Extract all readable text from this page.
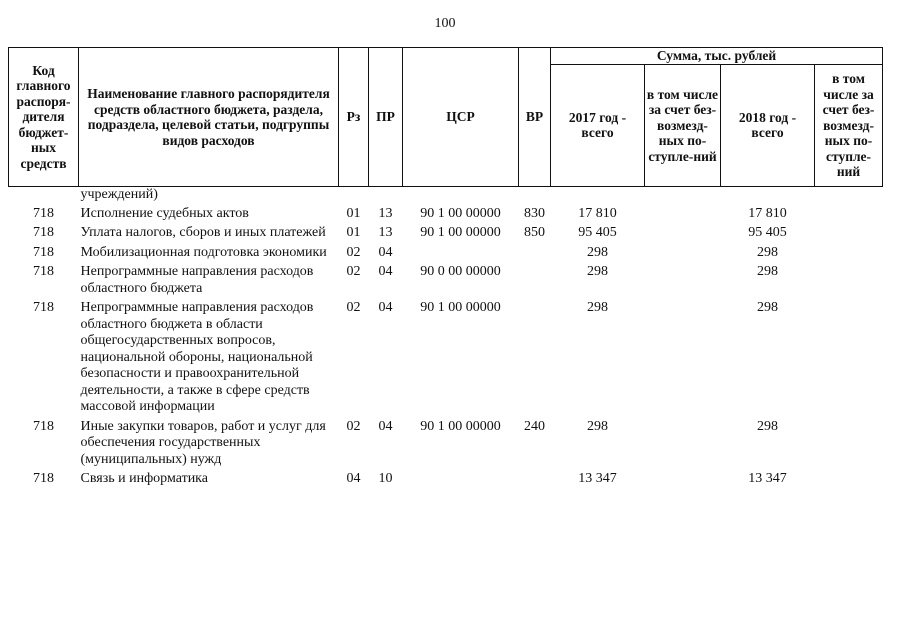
100
Код главного распоря-дителя бюджет-ных средств	Наименование главного распорядителя средств областного бюджета, раздела, подраздела, целевой статьи, подгруппы видов расходов	Рз	ПР	ЦСР	ВР	Сумма, тыс. рублей			
						2017 год - всего	в том числе за счет без-возмезд-ных по-ступле-ний	2018 год - всего	в том числе за счет без-возмезд-ных по-ступле-ний
	учреждений)								
718	Исполнение судебных актов	01	13	90 1 00 00000	830	17 810		17 810	
718	Уплата налогов, сборов и иных платежей	01	13	90 1 00 00000	850	95 405		95 405	
718	Мобилизационная подготовка экономики	02	04			298		298	
718	Непрограммные направления расходов областного бюджета	02	04	90 0 00 00000		298		298	
718	Непрограммные направления расходов областного бюджета в области общегосударственных вопросов, национальной обороны, национальной безопасности и правоохранительной деятельности, а также в сфере средств массовой информации	02	04	90 1 00 00000		298		298	
718	Иные закупки товаров, работ и услуг для обеспечения государственных (муниципальных) нужд	02	04	90 1 00 00000	240	298		298	
718	Связь и информатика	04	10			13 347		13 347	
